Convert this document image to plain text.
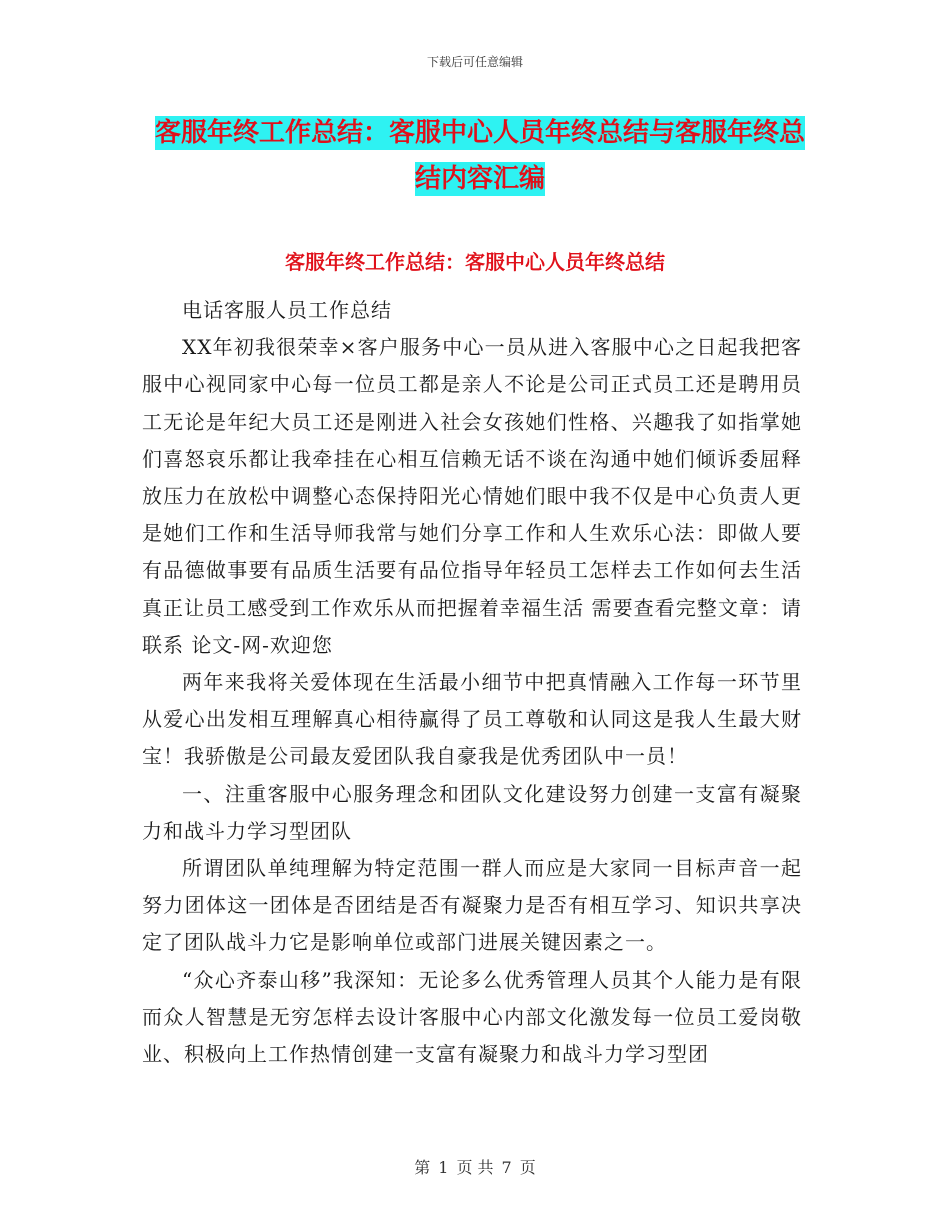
下载后可任意编辑
客服年终工作总结：客服中心人员年终总结与客服年终总结内容汇编
客服年终工作总结：客服中心人员年终总结

电话客服人员工作总结

XX年初我很荣幸×客户服务中心一员从进入客服中心之日起我把客服中心视同家中心每一位员工都是亲人不论是公司正式员工还是聘用员工无论是年纪大员工还是刚进入社会女孩她们性格、兴趣我了如指掌她们喜怒哀乐都让我牵挂在心相互信赖无话不谈在沟通中她们倾诉委屈释放压力在放松中调整心态保持阳光心情她们眼中我不仅是中心负责人更是她们工作和生活导师我常与她们分享工作和人生欢乐心法：即做人要有品德做事要有品质生活要有品位指导年轻员工怎样去工作如何去生活真正让员工感受到工作欢乐从而把握着幸福生活 需要查看完整文章：请联系 论文-网-欢迎您

两年来我将关爱体现在生活最小细节中把真情融入工作每一环节里从爱心出发相互理解真心相待赢得了员工尊敬和认同这是我人生最大财宝！我骄傲是公司最友爱团队我自豪我是优秀团队中一员！

一、注重客服中心服务理念和团队文化建设努力创建一支富有凝聚力和战斗力学习型团队

所谓团队单纯理解为特定范围一群人而应是大家同一目标声音一起努力团体这一团体是否团结是否有凝聚力是否有相互学习、知识共享决定了团队战斗力它是影响单位或部门进展关键因素之一。

“众心齐泰山移”我深知：无论多么优秀管理人员其个人能力是有限而众人智慧是无穷怎样去设计客服中心内部文化激发每一位员工爱岗敬业、积极向上工作热情创建一支富有凝聚力和战斗力学习型团

第 1 页 共 7 页
